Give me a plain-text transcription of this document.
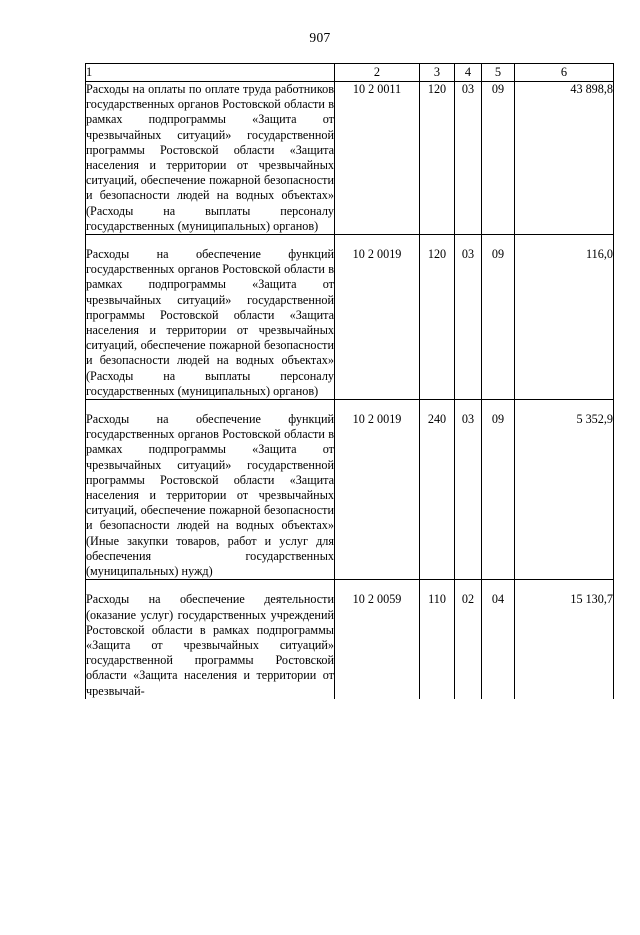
907
1	2	3	4	5	6
Расходы на оплаты по оплате труда работников государственных органов Ростовской области в рамках подпрограммы «Защита от чрезвычайных ситуаций» государственной программы Ростовской области «Защита населения и территории от чрезвычайных ситуаций, обеспечение пожарной безопасности и безопасности людей на водных объектах» (Расходы на выплаты персоналу государственных (муниципальных) органов)	10 2 0011	120	03	09	43 898,8
Расходы на обеспечение функций государственных органов Ростовской области в рамках подпрограммы «Защита от чрезвычайных ситуаций» государственной программы Ростовской области «Защита населения и территории от чрезвычайных ситуаций, обеспечение пожарной безопасности и безопасности людей на водных объектах» (Расходы на выплаты персоналу государственных (муниципальных) органов)	10 2 0019	120	03	09	116,0
Расходы на обеспечение функций государственных органов Ростовской области в рамках подпрограммы «Защита от чрезвычайных ситуаций» государственной программы Ростовской области «Защита населения и территории от чрезвычайных ситуаций, обеспечение пожарной безопасности и безопасности людей на водных объектах» (Иные закупки товаров, работ и услуг для обеспечения государственных (муниципальных) нужд)	10 2 0019	240	03	09	5 352,9
Расходы на обеспечение деятельности (оказание услуг) государственных учреждений Ростовской области в рамках подпрограммы «Защита от чрезвычайных ситуаций» государственной программы Ростовской области «Защита населения и территории от чрезвычай-	10 2 0059	110	02	04	15 130,7
